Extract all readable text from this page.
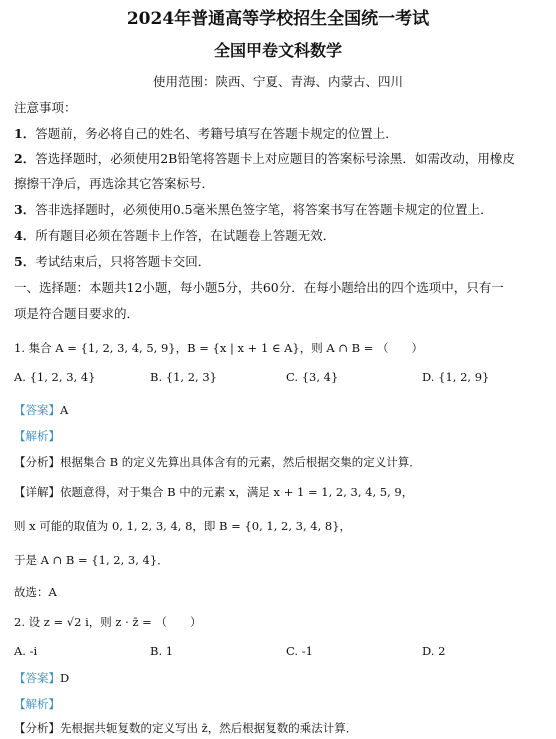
2024年普通高等学校招生全国统一考试
全国甲卷文科数学
使用范围：陕西、宁夏、青海、内蒙古、四川
注意事项：
1．答题前，务必将自己的姓名、考籍号填写在答题卡规定的位置上．
2．答选择题时，必须使用2B铅笔将答题卡上对应题目的答案标号涂黑．如需改动，用橡皮
擦擦干净后，再选涂其它答案标号．
3．答非选择题时，必须使用0.5毫米黑色签字笔，将答案书写在答题卡规定的位置上．
4．所有题目必须在答题卡上作答，在试题卷上答题无效．
5．考试结束后，只将答题卡交回．
一、选择题：本题共12小题，每小题5分，共60分．在每小题给出的四个选项中，只有一
项是符合题目要求的．
1. 集合 A = {1, 2, 3, 4, 5, 9}，B = {x | x + 1 ∈ A}，则 A ∩ B = （　　）
A. {1, 2, 3, 4}	B. {1, 2, 3}	C. {3, 4}	D. {1, 2, 9}
【答案】A
【解析】
【分析】根据集合 B 的定义先算出具体含有的元素，然后根据交集的定义计算．
【详解】依题意得，对于集合 B 中的元素 x，满足 x + 1 = 1, 2, 3, 4, 5, 9，
则 x 可能的取值为 0, 1, 2, 3, 4, 8，即 B = {0, 1, 2, 3, 4, 8}，
于是 A ∩ B = {1, 2, 3, 4}．
故选：A
2. 设 z = √2 i，则 z · z̄ = （　　）
A. -i	B. 1	C. -1	D. 2
【答案】D
【解析】
【分析】先根据共轭复数的定义写出 z̄，然后根据复数的乘法计算．
